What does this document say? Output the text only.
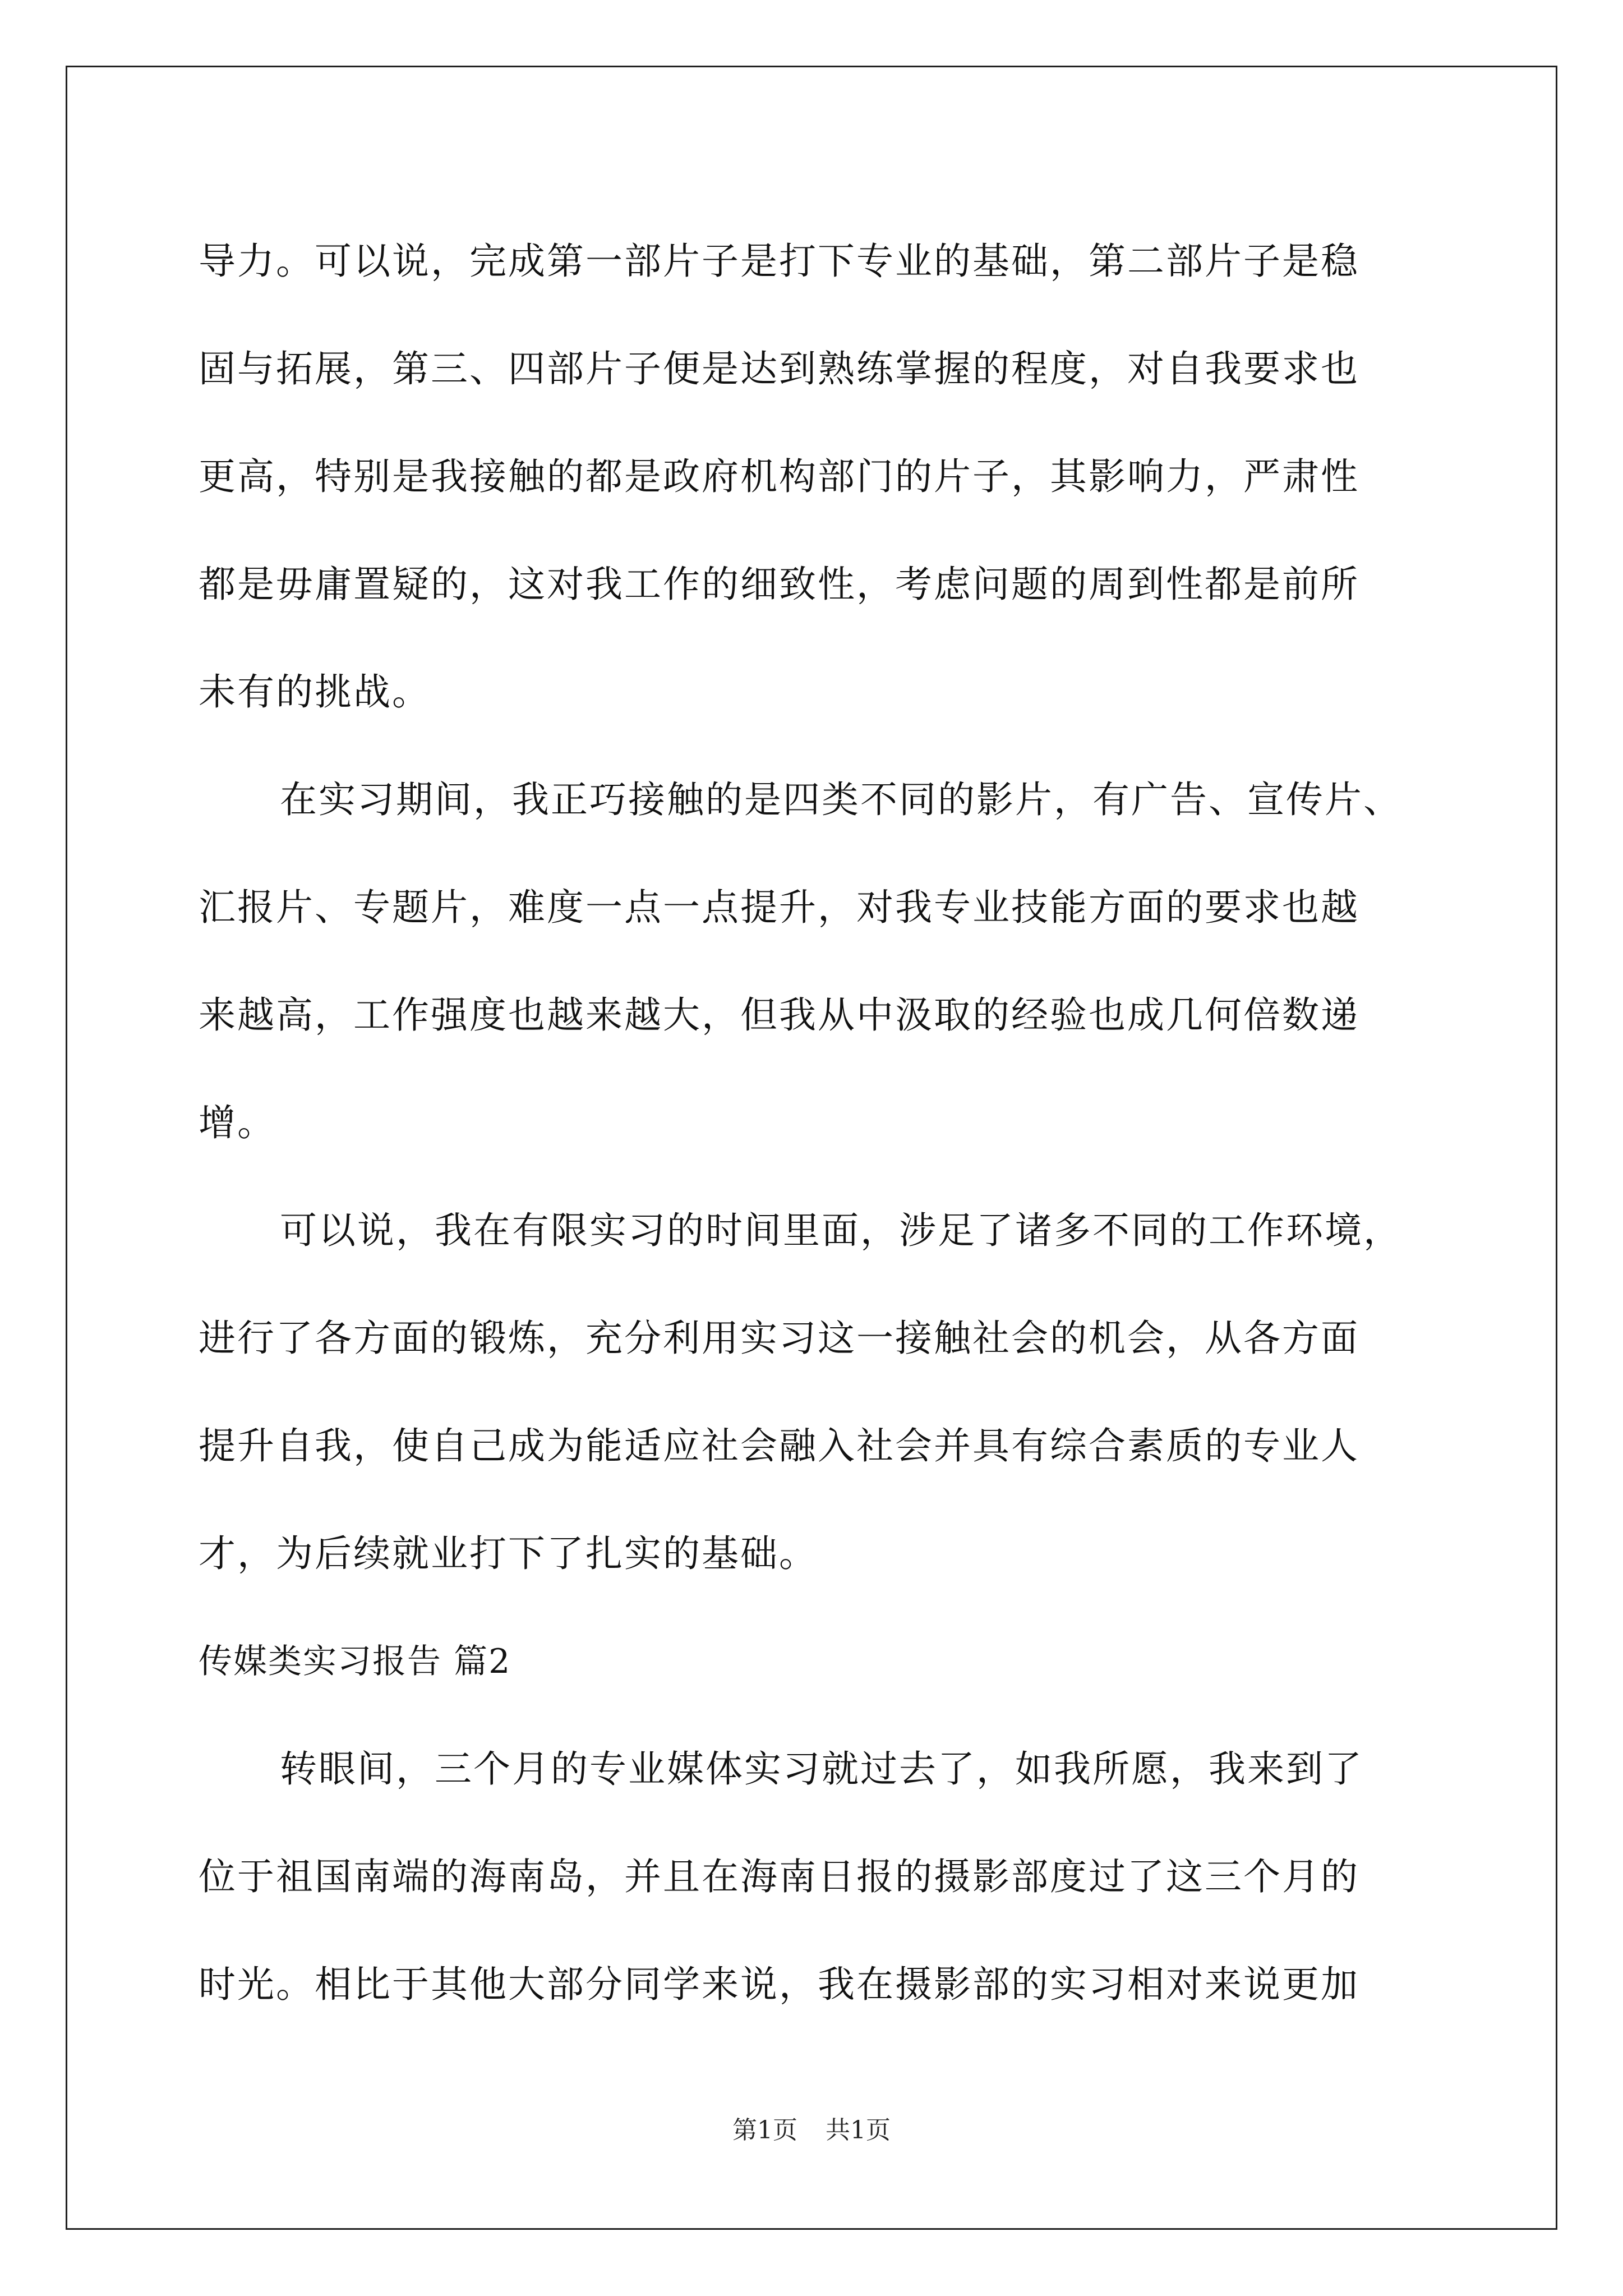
导力。可以说，完成第一部片子是打下专业的基础，第二部片子是稳
固与拓展，第三、四部片子便是达到熟练掌握的程度，对自我要求也
更高，特别是我接触的都是政府机构部门的片子，其影响力，严肃性
都是毋庸置疑的，这对我工作的细致性，考虑问题的周到性都是前所
未有的挑战。
在实习期间，我正巧接触的是四类不同的影片，有广告、宣传片、
汇报片、专题片，难度一点一点提升，对我专业技能方面的要求也越
来越高，工作强度也越来越大，但我从中汲取的经验也成几何倍数递
增。
可以说，我在有限实习的时间里面，涉足了诸多不同的工作环境，
进行了各方面的锻炼，充分利用实习这一接触社会的机会，从各方面
提升自我，使自己成为能适应社会融入社会并具有综合素质的专业人
才，为后续就业打下了扎实的基础。
传媒类实习报告 篇2
转眼间，三个月的专业媒体实习就过去了，如我所愿，我来到了
位于祖国南端的海南岛，并且在海南日报的摄影部度过了这三个月的
时光。相比于其他大部分同学来说，我在摄影部的实习相对来说更加
第1页 共1页
